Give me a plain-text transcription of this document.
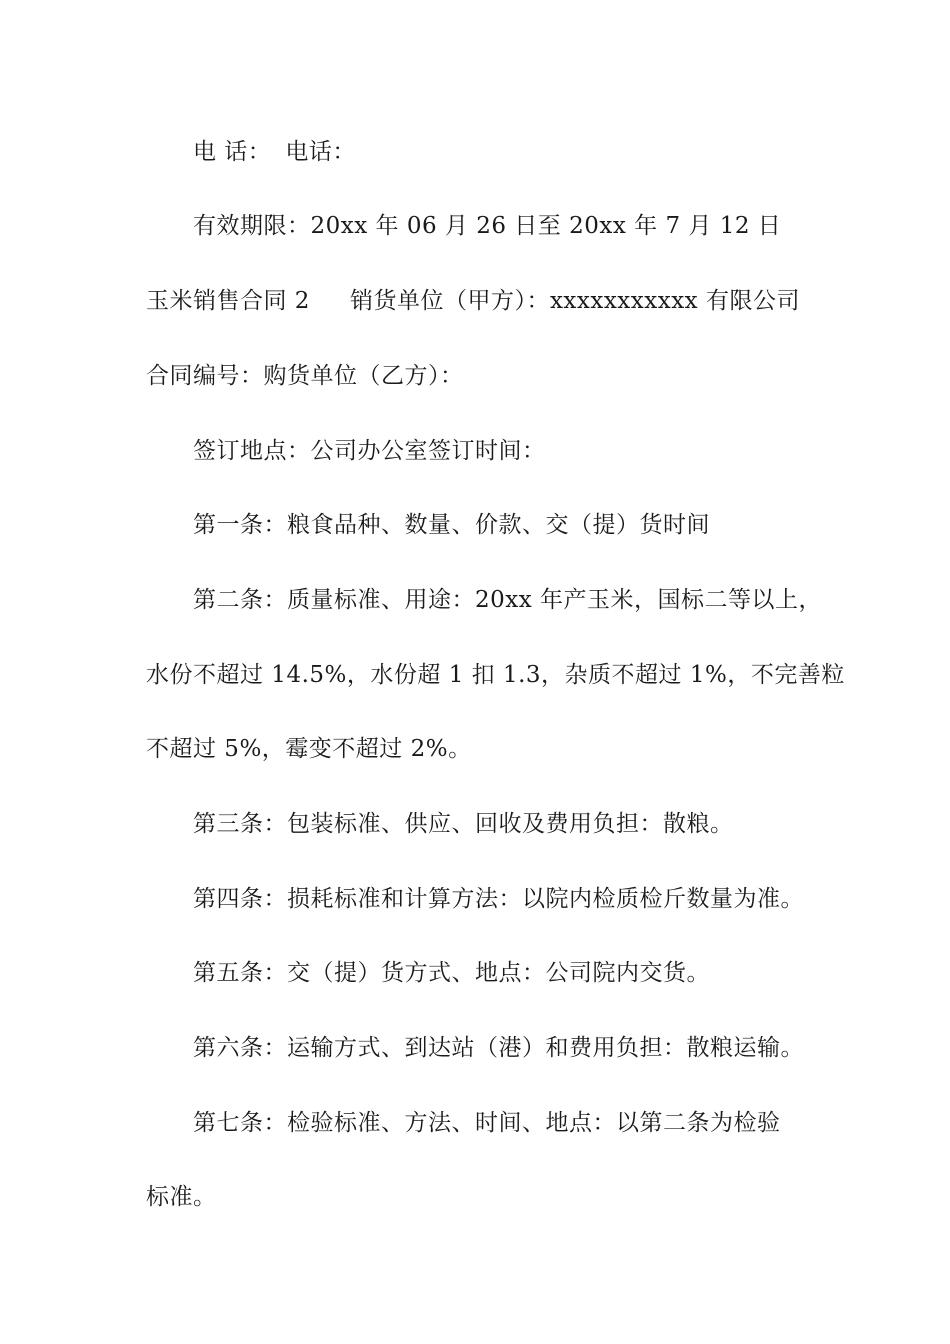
电 话： 电话：
有效期限：20xx 年 06 月 26 日至 20xx 年 7 月 12 日
玉米销售合同 2 销货单位（甲方）：xxxxxxxxxxx 有限公司
合同编号：购货单位（乙方）：
签订地点：公司办公室签订时间：
第一条：粮食品种、数量、价款、交（提）货时间
第二条：质量标准、用途：20xx 年产玉米，国标二等以上，
水份不超过 14.5%，水份超 1 扣 1.3，杂质不超过 1%，不完善粒
不超过 5%，霉变不超过 2%。
第三条：包装标准、供应、回收及费用负担：散粮。
第四条：损耗标准和计算方法：以院内检质检斤数量为准。
第五条：交（提）货方式、地点：公司院内交货。
第六条：运输方式、到达站（港）和费用负担：散粮运输。
第七条：检验标准、方法、时间、地点：以第二条为检验
标准。
